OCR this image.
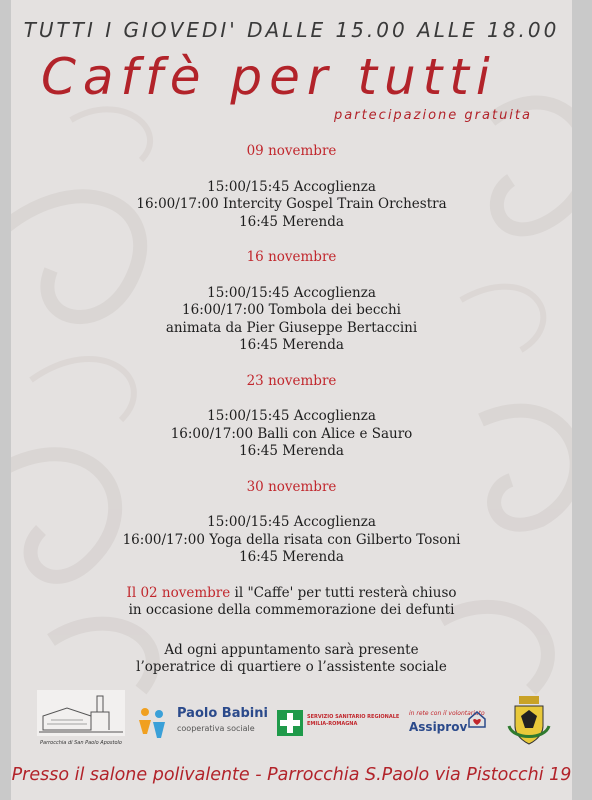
TUTTI I GIOVEDI' DALLE 15.00 ALLE 18.00
Caffè per tutti
partecipazione gratuita
09 novembre
15:00/15:45 Accoglienza
16:00/17:00 Intercity Gospel Train Orchestra
16:45 Merenda
16 novembre
15:00/15:45 Accoglienza
16:00/17:00 Tombola dei becchi
animata da Pier Giuseppe Bertaccini
16:45 Merenda
23 novembre
15:00/15:45 Accoglienza
16:00/17:00 Balli con Alice e Sauro
16:45 Merenda
30 novembre
15:00/15:45 Accoglienza
16:00/17:00 Yoga della risata con Gilberto Tosoni
16:45 Merenda
Il 02 novembre il "Caffe' per tutti resterà chiuso
in occasione della commemorazione dei defunti
Ad ogni appuntamento sarà presente
l’operatrice di quartiere o l’assistente sociale
Parrocchia di San Paolo Apostolo
Paolo Babini
cooperativa sociale
SERVIZIO SANITARIO REGIONALE
EMILIA-ROMAGNA
in rete con il volontariato
Assiprov
Presso il salone polivalente - Parrocchia S.Paolo via Pistocchi 19
